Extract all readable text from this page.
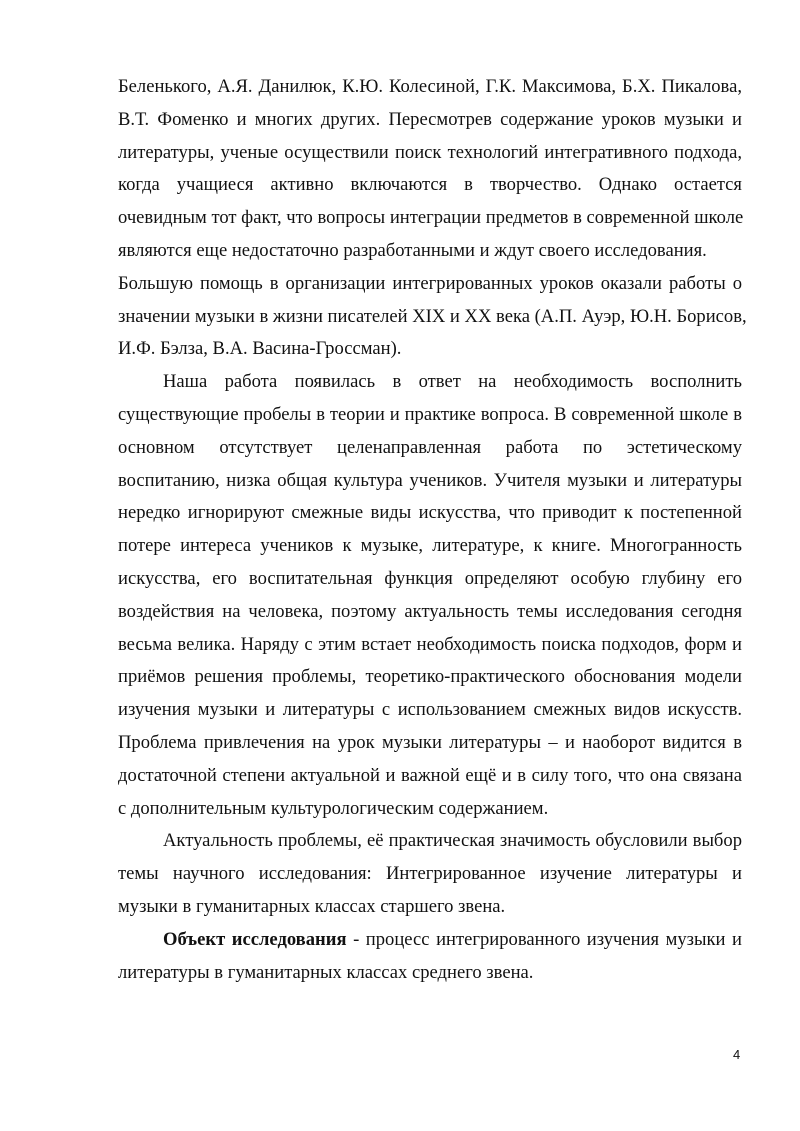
Беленького, А.Я. Данилюк, К.Ю. Колесиной, Г.К. Максимова, Б.Х. Пикалова,
В.Т. Фоменко и многих других. Пересмотрев содержание уроков музыки и
литературы, ученые осуществили поиск технологий интегративного подхода,
когда учащиеся активно включаются в творчество. Однако остается
очевидным тот факт, что вопросы интеграции предметов в современной школе
являются еще недостаточно разработанными и ждут своего исследования.
Большую помощь в организации интегрированных уроков оказали работы о
значении музыки в жизни писателей XIX и XX века (А.П. Ауэр, Ю.Н. Борисов,
И.Ф. Бэлза, В.А. Васина-Гроссман).
Наша работа появилась в ответ на необходимость восполнить
существующие пробелы в теории и практике вопроса. В современной школе в
основном отсутствует целенаправленная работа по эстетическому
воспитанию, низка общая культура учеников. Учителя музыки и литературы
нередко игнорируют смежные виды искусства, что приводит к постепенной
потере интереса учеников к музыке, литературе, к книге. Многогранность
искусства, его воспитательная функция определяют особую глубину его
воздействия на человека, поэтому актуальность темы исследования сегодня
весьма велика. Наряду с этим встает необходимость поиска подходов, форм и
приёмов решения проблемы, теоретико-практического обоснования модели
изучения музыки и литературы с использованием смежных видов искусств.
Проблема привлечения на урок музыки литературы – и наоборот видится в
достаточной степени актуальной и важной ещё и в силу того, что она связана
с дополнительным культурологическим содержанием.
Актуальность проблемы, её практическая значимость обусловили выбор
темы научного исследования: Интегрированное изучение литературы и
музыки в гуманитарных классах старшего звена.
Объект исследования - процесс интегрированного изучения музыки и
литературы в гуманитарных классах среднего звена.
4
